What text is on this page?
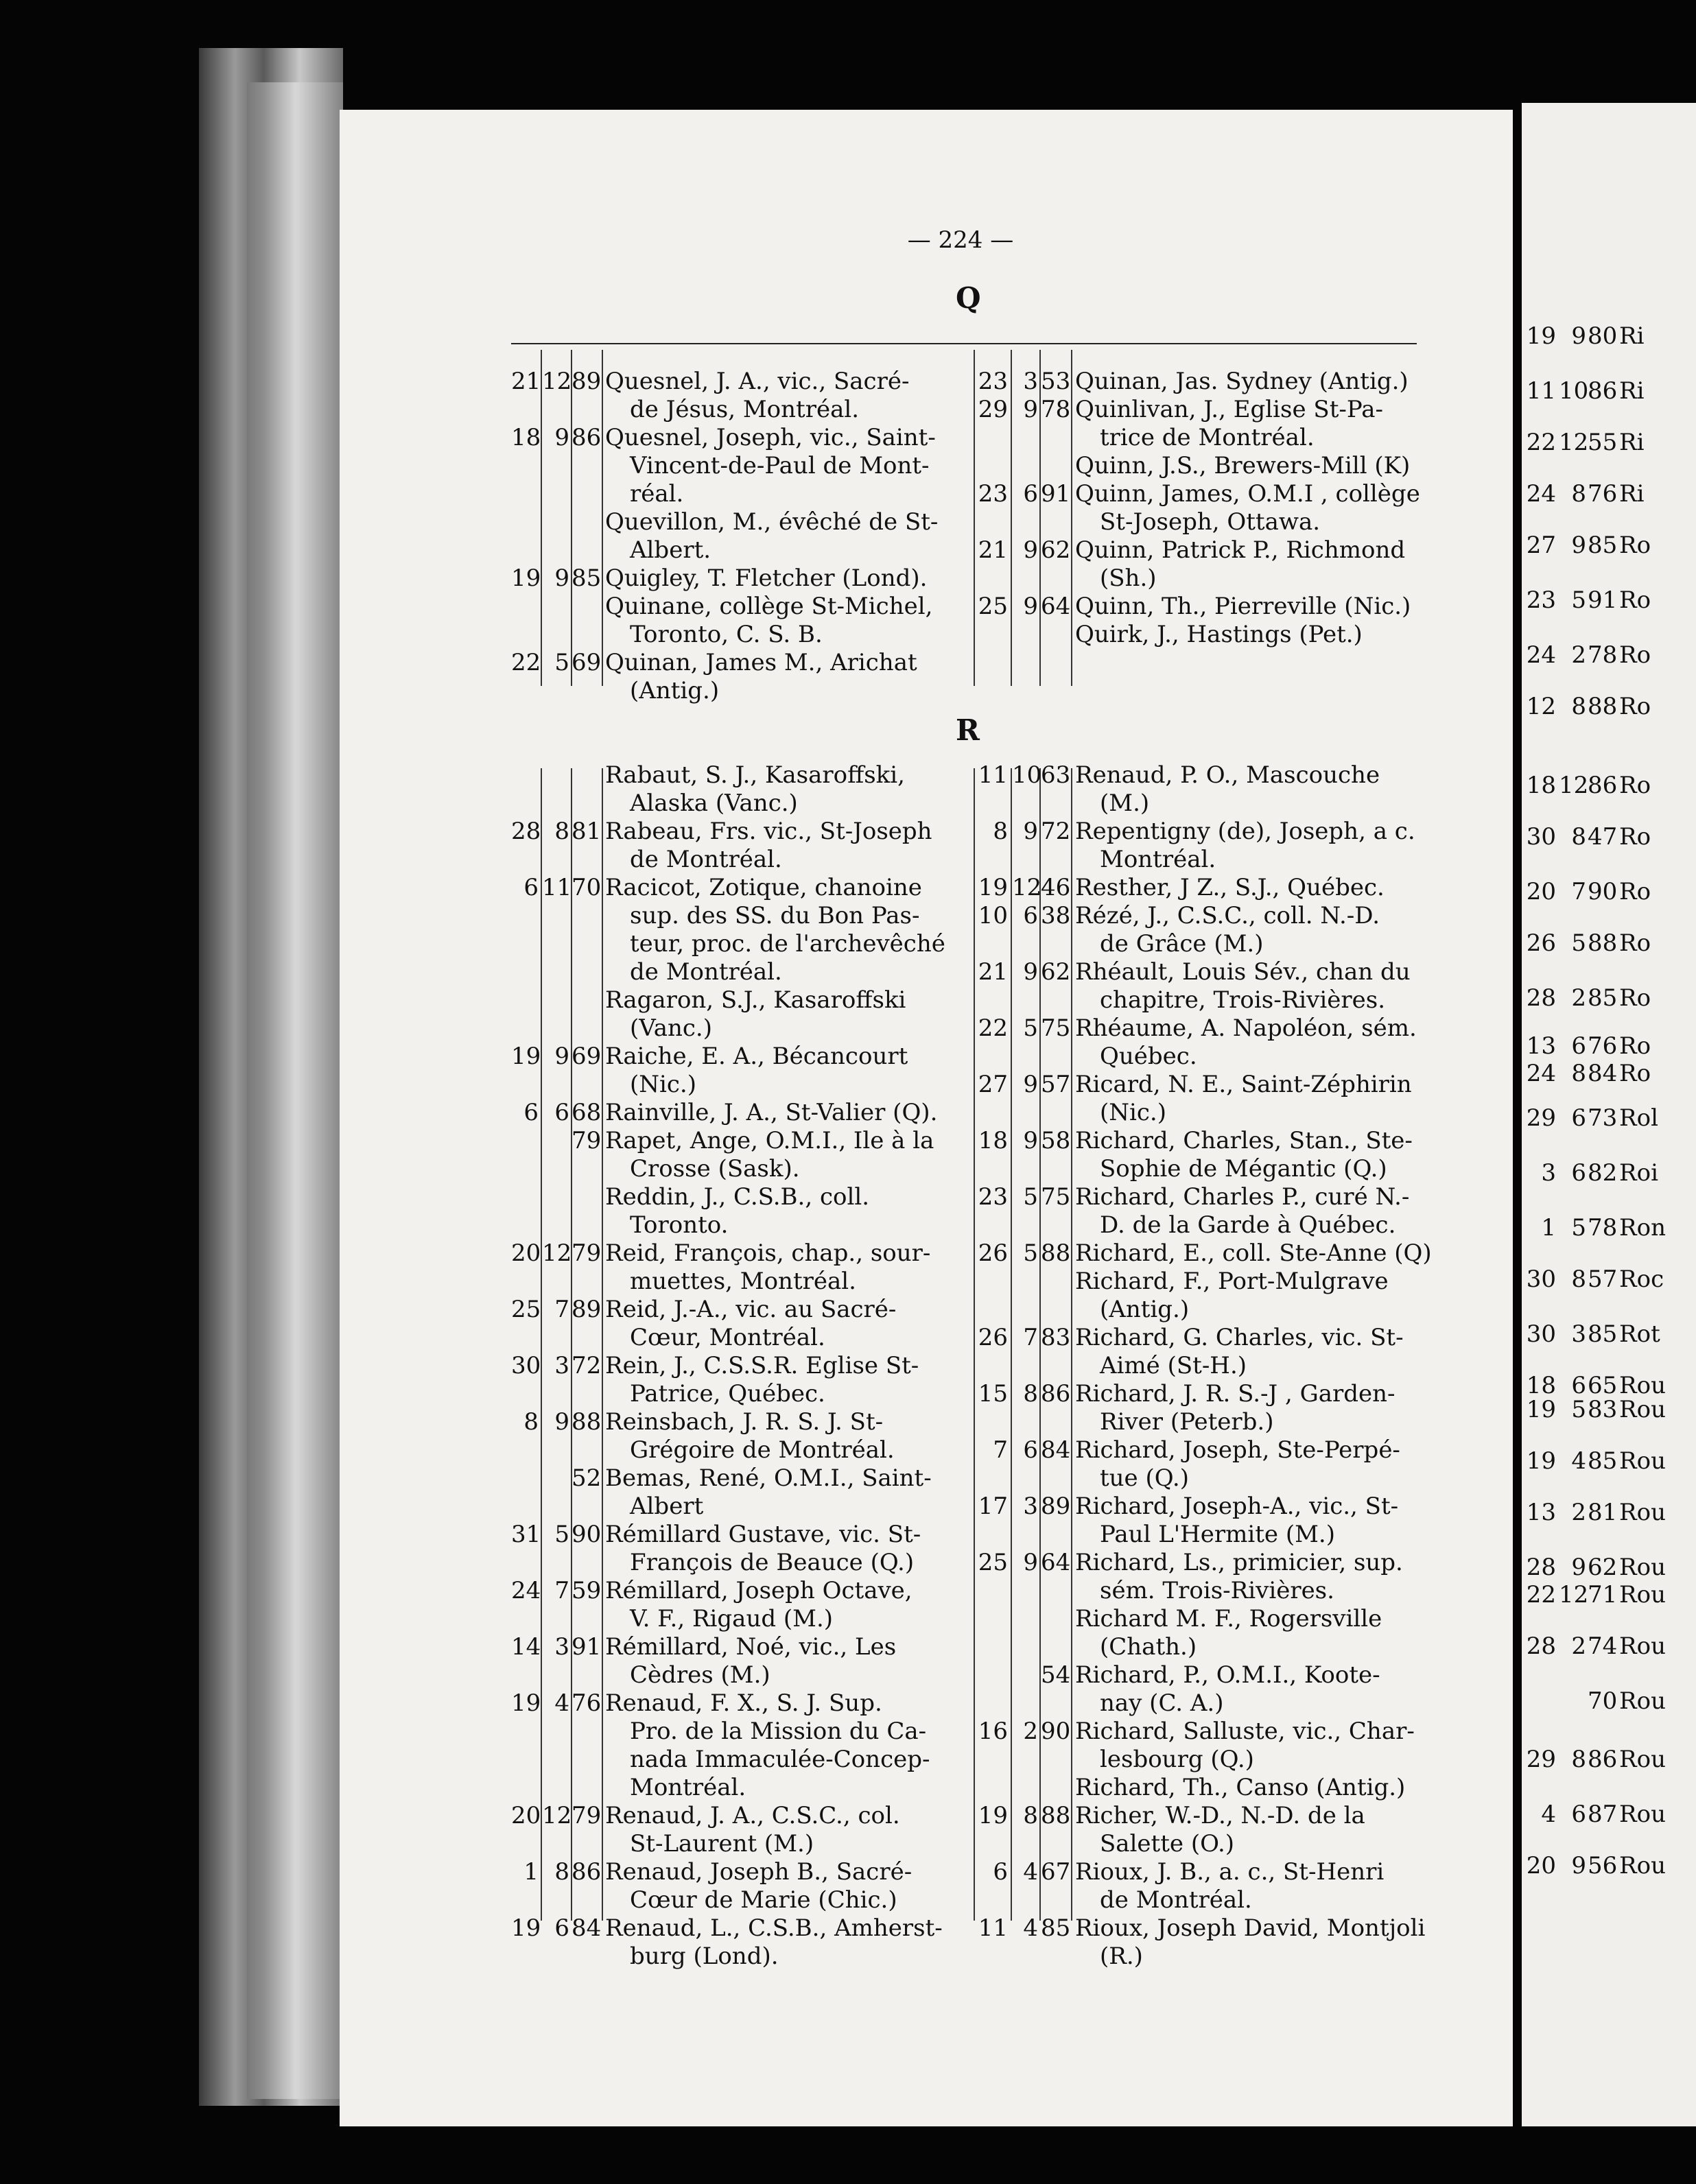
19 9 80 Ri
11 10
86 Ri
22 12
55 Ri
24 8 76 Ri
27 9 85 Ro
23 5 91 Ro
24 2 78 Ro
12 8 88 Ro
18 12
86 Ro
30 8 47 Ro
20 7 90 Ro
26 5 88 Ro
28 2 85 Ro
13 6 76 Ro
24 8 84 Ro
29 6 73 Rol
3 6 82 Roi
1 5 78 Ron
30 8 57 Roc
30 3 85 Rot
18 6 65 Rou
19 5 83 Rou
19 4 85 Rou
13 2 81 Rou
28 9 62 Rou
22 12
71 Rou
28 2 74 Rou
70 Rou
29 8 86 Rou
4 6 87 Rou
20 9 56 Rou
— 224 —
Q
R
21 12 89 Quesnel, J. A., vic., Sacré-
de Jésus, Montréal.
18 9 86 Quesnel, Joseph, vic., Saint-
Vincent-de-Paul de Mont-
réal.
Quevillon, M., évêché de St-
Albert.
19 9 85 Quigley, T. Fletcher (Lond).
Quinane, collège St-Michel,
Toronto, C. S. B.
22 5 69 Quinan, James M., Arichat
(Antig.)
23 3 53 Quinan, Jas. Sydney (Antig.)
29 9 78 Quinlivan, J., Eglise St-Pa-
trice de Montréal.
Quinn, J.S., Brewers-Mill (K)
23 6 91 Quinn, James, O.M.I , collège
St-Joseph, Ottawa.
21 9 62 Quinn, Patrick P., Richmond
(Sh.)
25 9 64 Quinn, Th., Pierreville (Nic.)
Quirk, J., Hastings (Pet.)
Rabaut, S. J., Kasaroffski,
Alaska (Vanc.)
28 8 81 Rabeau, Frs. vic., St-Joseph
de Montréal.
6 11 70 Racicot, Zotique, chanoine
sup. des SS. du Bon Pas-
teur, proc. de l'archevêché
de Montréal.
Ragaron, S.J., Kasaroffski
(Vanc.)
19 9 69 Raiche, E. A., Bécancourt
(Nic.)
6 6 68 Rainville, J. A., St-Valier (Q).
79 Rapet, Ange, O.M.I., Ile à la
Crosse (Sask).
Reddin, J., C.S.B., coll.
Toronto.
20 12 79 Reid, François, chap., sour-
muettes, Montréal.
25 7 89 Reid, J.-A., vic. au Sacré-
Cœur, Montréal.
30 3 72 Rein, J., C.S.S.R. Eglise St-
Patrice, Québec.
8 9 88 Reinsbach, J. R. S. J. St-
Grégoire de Montréal.
52 Bemas, René, O.M.I., Saint-
Albert
31 5 90 Rémillard Gustave, vic. St-
François de Beauce (Q.)
24 7 59 Rémillard, Joseph Octave,
V. F., Rigaud (M.)
14 3 91 Rémillard, Noé, vic., Les
Cèdres (M.)
19 4 76 Renaud, F. X., S. J. Sup.
Pro. de la Mission du Ca-
nada Immaculée-Concep-
Montréal.
20 12 79 Renaud, J. A., C.S.C., col.
St-Laurent (M.)
1 8 86 Renaud, Joseph B., Sacré-
Cœur de Marie (Chic.)
19 6 84 Renaud, L., C.S.B., Amherst-
burg (Lond).
11 10
63 Renaud, P. O., Mascouche
(M.)
8 9 72 Repentigny (de), Joseph, a c.
Montréal.
19 12
46 Resther, J Z., S.J., Québec.
10 6 38 Rézé, J., C.S.C., coll. N.-D.
de Grâce (M.)
21 9 62 Rhéault, Louis Sév., chan du
chapitre, Trois-Rivières.
22 5 75 Rhéaume, A. Napoléon, sém.
Québec.
27 9 57 Ricard, N. E., Saint-Zéphirin
(Nic.)
18 9 58 Richard, Charles, Stan., Ste-
Sophie de Mégantic (Q.)
23 5 75 Richard, Charles P., curé N.-
D. de la Garde à Québec.
26 5 88 Richard, E., coll. Ste-Anne (Q)
Richard, F., Port-Mulgrave
(Antig.)
26 7 83 Richard, G. Charles, vic. St-
Aimé (St-H.)
15 8 86 Richard, J. R. S.-J , Garden-
River (Peterb.)
7 6 84 Richard, Joseph, Ste-Perpé-
tue (Q.)
17 3 89 Richard, Joseph-A., vic., St-
Paul L'Hermite (M.)
25 9 64 Richard, Ls., primicier, sup.
sém. Trois-Rivières.
Richard M. F., Rogersville
(Chath.)
54 Richard, P., O.M.I., Koote-
nay (C. A.)
16 2 90 Richard, Salluste, vic., Char-
lesbourg (Q.)
Richard, Th., Canso (Antig.)
19 8 88 Richer, W.-D., N.-D. de la
Salette (O.)
6 4 67 Rioux, J. B., a. c., St-Henri
de Montréal.
11 4 85 Rioux, Joseph David, Montjoli
(R.)
